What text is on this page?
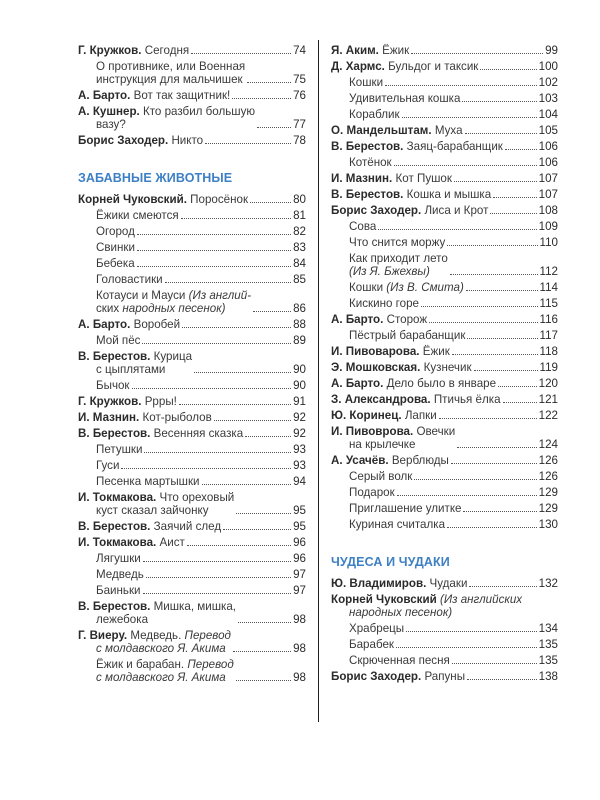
Г. Кружков. Сегодня	74
О противнике, или Военная
инструкция для мальчишек	75
А. Барто. Вот так защитник!	76
А. Кушнер. Кто разбил большую
вазу?	77
Борис Заходер. Никто	78
ЗАБАВНЫЕ ЖИВОТНЫЕ
Корней Чуковский. Поросёнок	80
Ёжики смеются	81
Огород	82
Свинки	83
Бебека	84
Головастики	85
Котауси и Мауси (Из англий-
ских народных песенок)	86
А. Барто. Воробей	88
Мой пёс	89
В. Берестов. Курица
с цыплятами	90
Бычок	90
Г. Кружков. Ррры!	91
И. Мазнин. Кот-рыболов	92
В. Берестов. Весенняя сказка	92
Петушки	93
Гуси	93
Песенка мартышки	94
И. Токмакова. Что ореховый
куст сказал зайчонку	95
В. Берестов. Заячий след	95
И. Токмакова. Аист	96
Лягушки	96
Медведь	97
Баиньки	97
В. Берестов. Мишка, мишка,
лежебока	98
Г. Виеру. Медведь. Перевод
с молдавского Я. Акима	98
Ёжик и барабан. Перевод
с молдавского Я. Акима	98
Я. Аким. Ёжик	99
Д. Хармс. Бульдог и таксик	100
Кошки	102
Удивительная кошка	103
Кораблик	104
О. Мандельштам. Муха	105
В. Берестов. Заяц-барабанщик	106
Котёнок	106
И. Мазнин. Кот Пушок	107
В. Берестов. Кошка и мышка	107
Борис Заходер. Лиса и Крот	108
Сова	109
Что снится моржу	110
Как приходит лето
(Из Я. Бжехвы)	112
Кошки (Из В. Смита)	114
Кискино горе	115
А. Барто. Сторож	116
Пёстрый барабанщик	117
И. Пивоварова. Ёжик	118
Э. Мошковская. Кузнечик	119
А. Барто. Дело было в январе	120
З. Александрова. Птичья ёлка	121
Ю. Коринец. Лапки	122
И. Пивоврова. Овечки
на крылечке	124
А. Усачёв. Верблюды	126
Серый волк	126
Подарок	129
Приглашение улитке	129
Куриная считалка	130
ЧУДЕСА И ЧУДАКИ
Ю. Владимиров. Чудаки	132
Корней Чуковский (Из английских
народных песенок)
Храбрецы	134
Барабек	135
Скрюченная песня	135
Борис Заходер. Рапуны	138
